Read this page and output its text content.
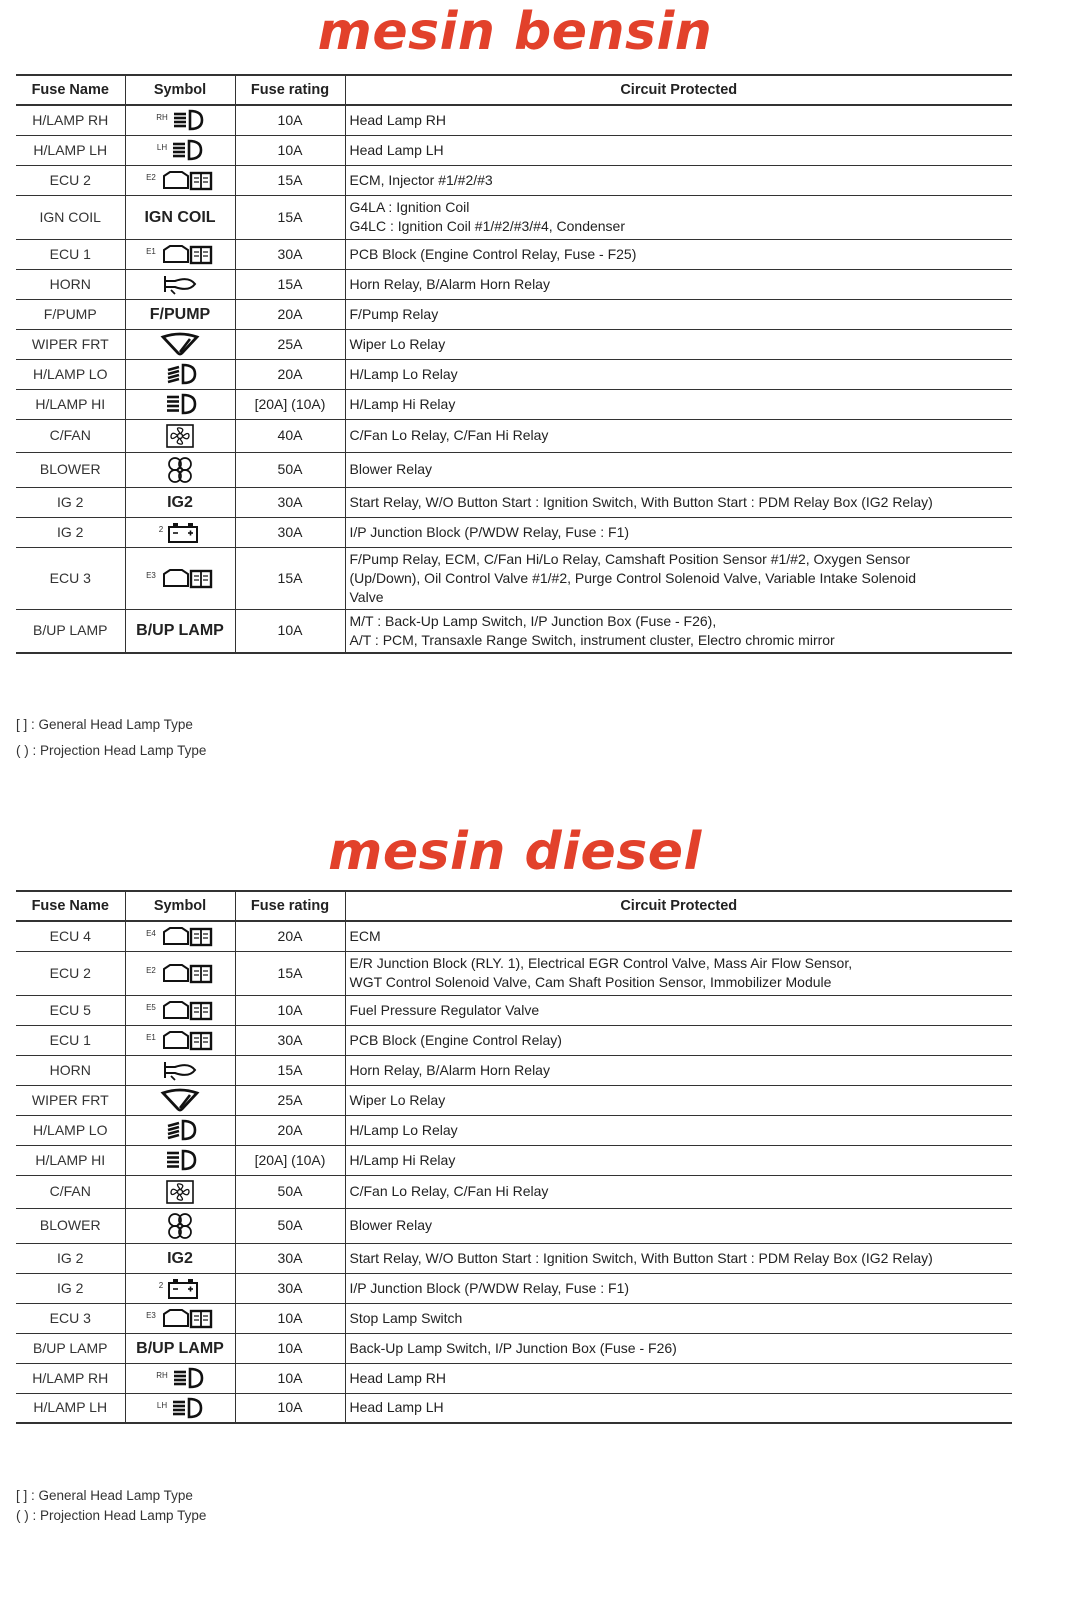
mesin bensin
Fuse Name	Symbol	Fuse rating	Circuit Protected
H/LAMP RH	$^{RH}$	10A	Head Lamp RH

H/LAMP LH	$^{LH}$	10A	Head Lamp LH

ECU 2	$^{E2}$	15A	ECM, Injector #1/#2/#3

IGN COIL	IGN COIL	15A	G4LA : Ignition Coil
G4LC : Ignition Coil #1/#2/#3/#4, Condenser

ECU 1	$^{E1}$	30A	PCB Block (Engine Control Relay, Fuse - F25)

HORN		15A	Horn Relay, B/Alarm Horn Relay

F/PUMP	F/PUMP	20A	F/Pump Relay

WIPER FRT		25A	Wiper Lo Relay

H/LAMP LO		20A	H/Lamp Lo Relay

H/LAMP HI		[20A] (10A)	H/Lamp Hi Relay

C/FAN		40A	C/Fan Lo Relay, C/Fan Hi Relay

BLOWER		50A	Blower Relay

IG 2	IG2	30A	Start Relay, W/O Button Start : Ignition Switch, With Button Start : PDM Relay Box (IG2 Relay)

IG 2	$^2$	30A	I/P Junction Block (P/WDW Relay, Fuse : F1)

ECU 3	$^{E3}$	15A	F/Pump Relay, ECM, C/Fan Hi/Lo Relay, Camshaft Position Sensor #1/#2, Oxygen Sensor
(Up/Down), Oil Control Valve #1/#2, Purge Control Solenoid Valve, Variable Intake Solenoid
Valve

B/UP LAMP	B/UP LAMP	10A	M/T : Back-Up Lamp Switch, I/P Junction Box (Fuse - F26),
A/T : PCM, Transaxle Range Switch, instrument cluster, Electro chromic mirror
[ ] : General Head Lamp Type
( ) : Projection Head Lamp Type
mesin diesel
Fuse Name	Symbol	Fuse rating	Circuit Protected
ECU 4	$^{E4}$	20A	ECM

ECU 2	$^{E2}$	15A	E/R Junction Block (RLY. 1), Electrical EGR Control Valve, Mass Air Flow Sensor,
WGT Control Solenoid Valve, Cam Shaft Position Sensor, Immobilizer Module

ECU 5	$^{E5}$	10A	Fuel Pressure Regulator Valve

ECU 1	$^{E1}$	30A	PCB Block (Engine Control Relay)

HORN		15A	Horn Relay, B/Alarm Horn Relay

WIPER FRT		25A	Wiper Lo Relay

H/LAMP LO		20A	H/Lamp Lo Relay

H/LAMP HI		[20A] (10A)	H/Lamp Hi Relay

C/FAN		50A	C/Fan Lo Relay, C/Fan Hi Relay

BLOWER		50A	Blower Relay

IG 2	IG2	30A	Start Relay, W/O Button Start : Ignition Switch, With Button Start : PDM Relay Box (IG2 Relay)

IG 2	$^2$	30A	I/P Junction Block (P/WDW Relay, Fuse : F1)

ECU 3	$^{E3}$	10A	Stop Lamp Switch

B/UP LAMP	B/UP LAMP	10A	Back-Up Lamp Switch, I/P Junction Box (Fuse - F26)

H/LAMP RH	$^{RH}$	10A	Head Lamp RH

H/LAMP LH	$^{LH}$	10A	Head Lamp LH
[ ] : General Head Lamp Type
( ) : Projection Head Lamp Type
